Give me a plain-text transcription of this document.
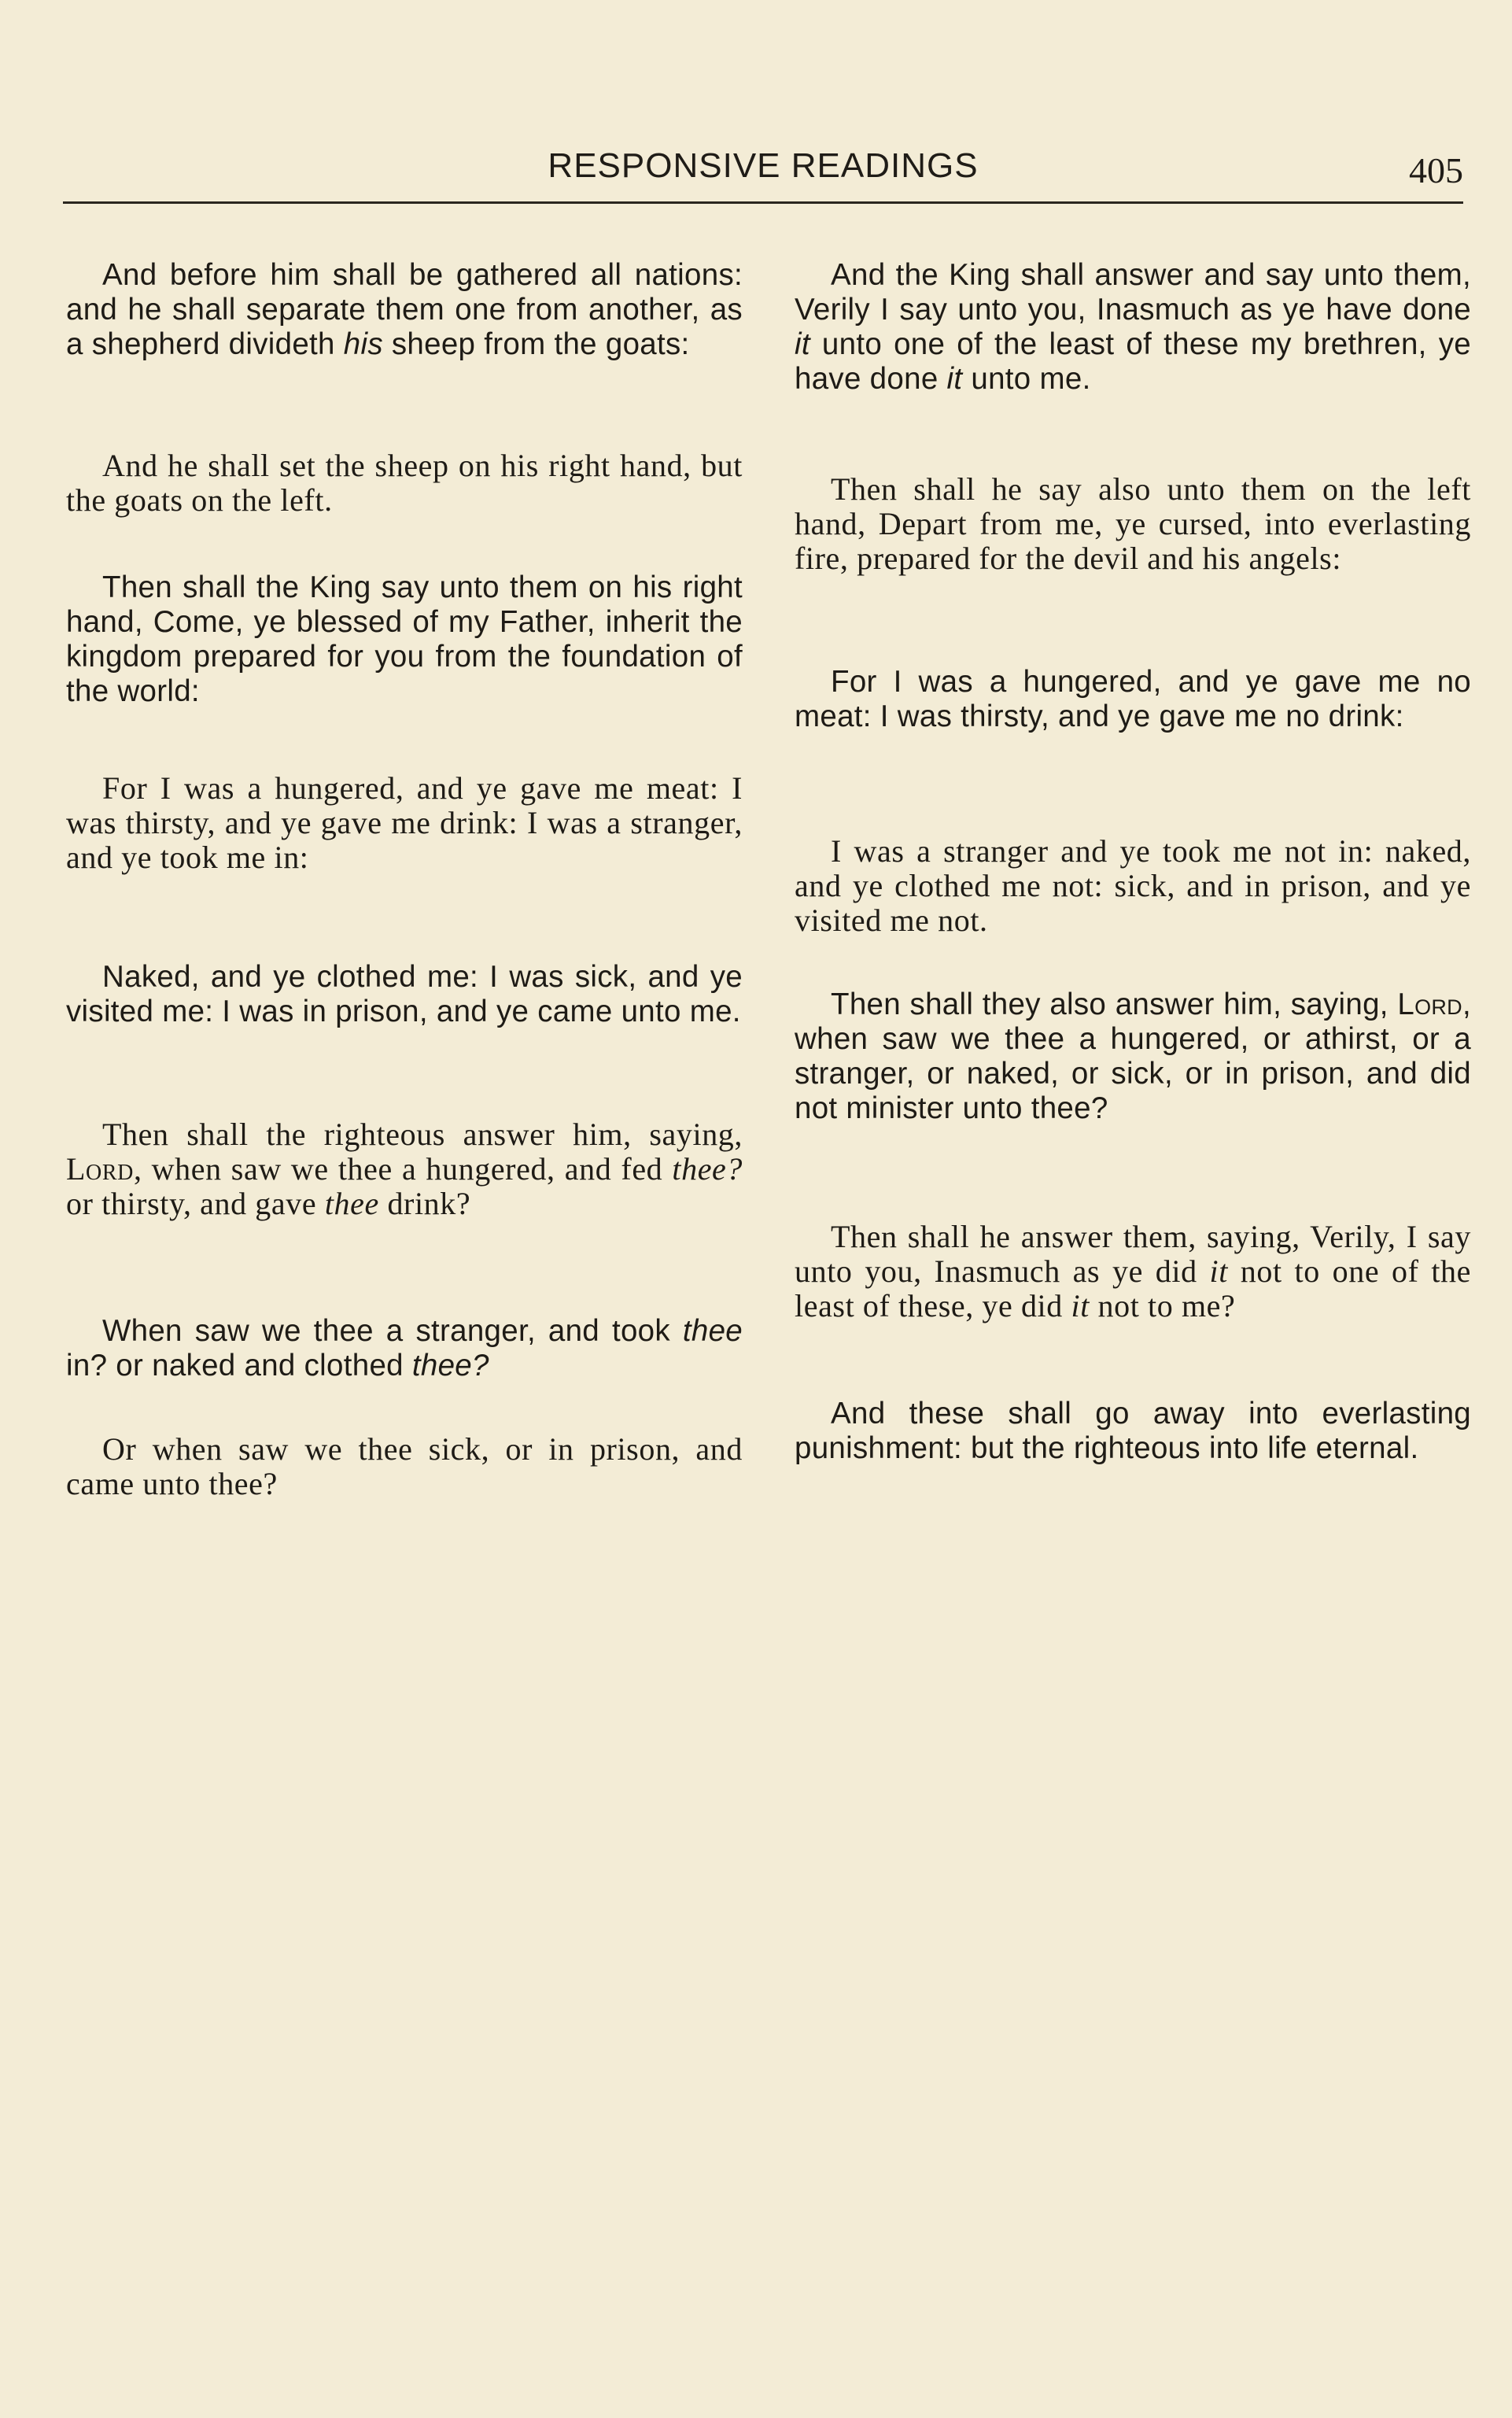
RESPONSIVE READINGS	405

And before him shall be gathered all nations: and he shall separate them one from another, as a shepherd divideth his sheep from the goats:

And he shall set the sheep on his right hand, but the goats on the left.

Then shall the King say unto them on his right hand, Come, ye blessed of my Father, inherit the kingdom prepared for you from the foundation of the world:

For I was a hungered, and ye gave me meat: I was thirsty, and ye gave me drink: I was a stranger, and ye took me in:

Naked, and ye clothed me: I was sick, and ye visited me: I was in prison, and ye came unto me.

Then shall the righteous answer him, saying, Lord, when saw we thee a hungered, and fed thee? or thirsty, and gave thee drink?

When saw we thee a stranger, and took thee in? or naked and clothed thee?

Or when saw we thee sick, or in prison, and came unto thee?

And the King shall answer and say unto them, Verily I say unto you, Inasmuch as ye have done it unto one of the least of these my brethren, ye have done it unto me.

Then shall he say also unto them on the left hand, Depart from me, ye cursed, into everlasting fire, prepared for the devil and his angels:

For I was a hungered, and ye gave me no meat: I was thirsty, and ye gave me no drink:

I was a stranger and ye took me not in: naked, and ye clothed me not: sick, and in prison, and ye visited me not.

Then shall they also answer him, saying, Lord, when saw we thee a hungered, or athirst, or a stranger, or naked, or sick, or in prison, and did not minister unto thee?

Then shall he answer them, saying, Verily, I say unto you, Inasmuch as ye did it not to one of the least of these, ye did it not to me?

And these shall go away into everlasting punishment: but the righteous into life eternal.
